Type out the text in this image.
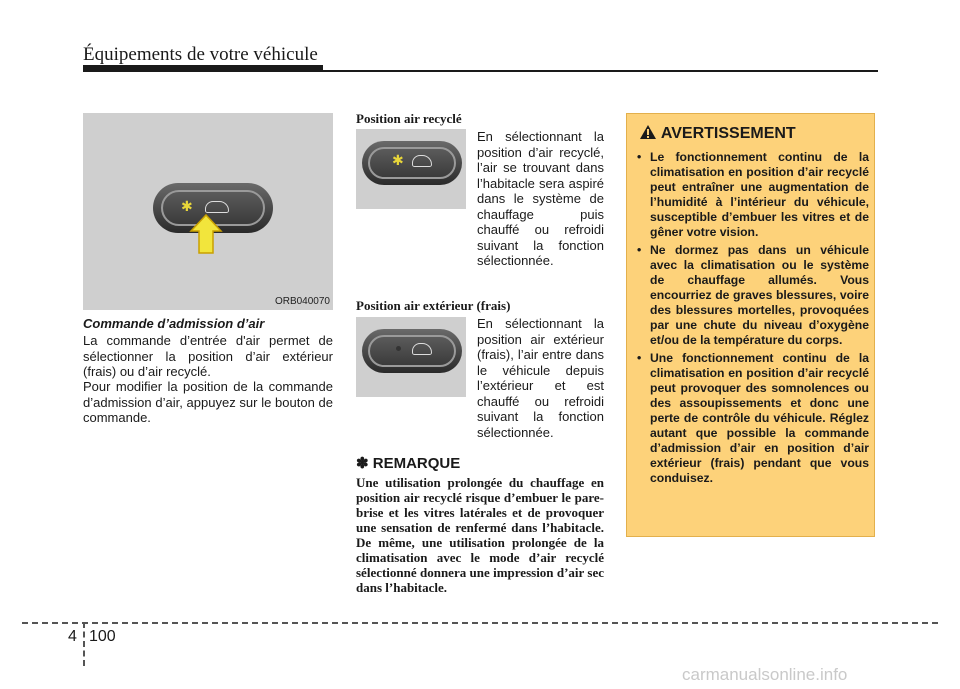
Équipements de votre véhicule
✱
ORB040070
Commande d’admission d’air
La commande d’entrée d'air permet de sélectionner la position d’air extérieur (frais) ou d’air recyclé.
Pour modifier la position de la commande d’admission d’air, appuyez sur le bouton de commande.
Position air recyclé
✱
En sélectionnant la position d’air recyclé, l’air se trouvant dans l’habitacle sera aspiré dans le système de chauffage puis chauffé ou refroidi suivant la fonction sélectionnée.
Position air extérieur (frais)
En sélectionnant la position air extérieur (frais), l’air entre dans le véhicule depuis l’extérieur et est chauffé ou refroidi suivant la fonction sélectionnée.
✽ REMARQUE
Une utilisation prolongée du chauffage en position air recyclé risque d’embuer le pare-brise et les vitres latérales et de provoquer une sensation de renfermé dans l’habitacle. De même, une utilisation prolongée de la climatisation avec le mode d’air recyclé sélectionné donnera une impression d’air sec dans l’habitacle.
AVERTISSEMENT
• Le fonctionnement continu de la climatisation en position d’air recyclé peut entraîner une augmentation de l’humidité à l’intérieur du véhicule, susceptible d’embuer les vitres et de gêner votre vision.
• Ne dormez pas dans un véhicule avec la climatisation ou le système de chauffage allumés. Vous encourriez de graves blessures, voire des blessures mortelles, provoquées par une chute du niveau d’oxygène et/ou de la température du corps.
• Une fonctionnement continu de la climatisation en position d’air recyclé peut provoquer des somnolences ou des assoupissements et donc une perte de contrôle du véhicule. Réglez autant que possible la commande d’admission d’air en position d’air extérieur (frais) pendant que vous conduisez.
4 100
carmanualsonline.info
